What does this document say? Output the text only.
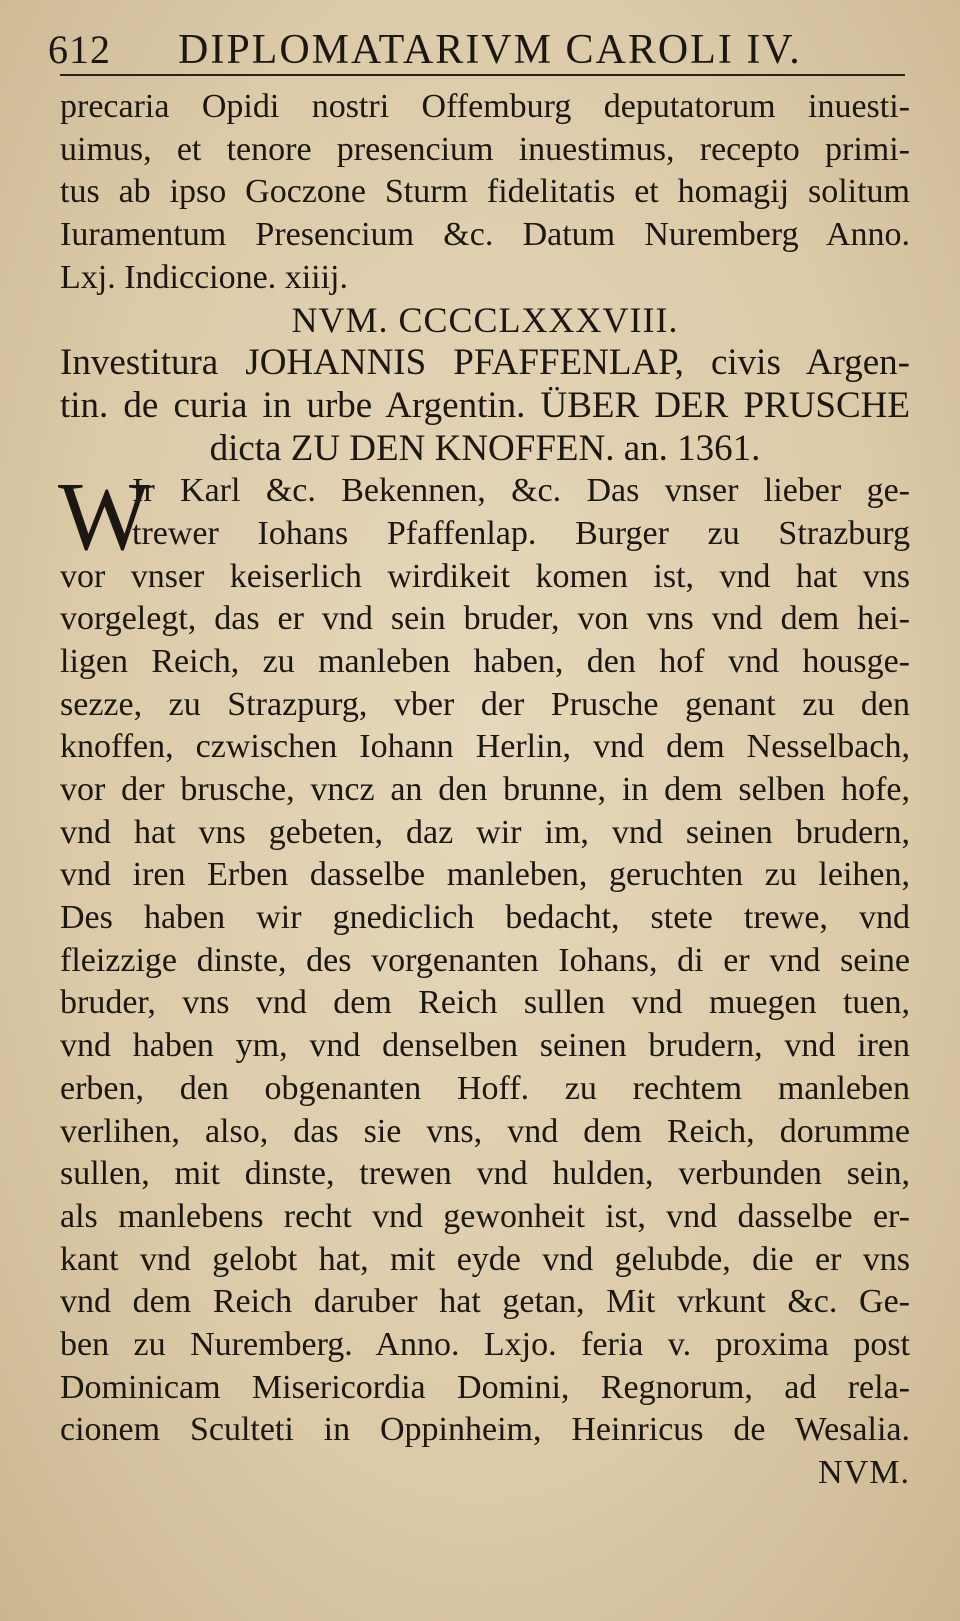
612 DIPLOMATARIVM CAROLI IV.
precaria Opidi nostri Offemburg deputatorum inuesti-
uimus, et tenore presencium inuestimus, recepto primi-
tus ab ipso Goczone Sturm fidelitatis et homagij solitum
Iuramentum Presencium &c. Datum Nuremberg Anno.
Lxj. Indiccione. xiiij.
NVM. CCCCLXXXVIII.
Investitura JOHANNIS PFAFFENLAP, civis Argen-
tin. de curia in urbe Argentin. ÜBER DER PRUSCHE
dicta ZU DEN KNOFFEN. an. 1361.
W
Ir Karl &c. Bekennen, &c. Das vnser lieber ge-
trewer Iohans Pfaffenlap. Burger zu Strazburg
vor vnser keiserlich wirdikeit komen ist, vnd hat vns
vorgelegt, das er vnd sein bruder, von vns vnd dem hei-
ligen Reich, zu manleben haben, den hof vnd housge-
sezze, zu Strazpurg, vber der Prusche genant zu den
knoffen, czwischen Iohann Herlin, vnd dem Nesselbach,
vor der brusche, vncz an den brunne, in dem selben hofe,
vnd hat vns gebeten, daz wir im, vnd seinen brudern,
vnd iren Erben dasselbe manleben, geruchten zu leihen,
Des haben wir gnediclich bedacht, stete trewe, vnd
fleizzige dinste, des vorgenanten Iohans, di er vnd seine
bruder, vns vnd dem Reich sullen vnd muegen tuen,
vnd haben ym, vnd denselben seinen brudern, vnd iren
erben, den obgenanten Hoff. zu rechtem manleben
verlihen, also, das sie vns, vnd dem Reich, dorumme
sullen, mit dinste, trewen vnd hulden, verbunden sein,
als manlebens recht vnd gewonheit ist, vnd dasselbe er-
kant vnd gelobt hat, mit eyde vnd gelubde, die er vns
vnd dem Reich daruber hat getan, Mit vrkunt &c. Ge-
ben zu Nuremberg. Anno. Lxjo. feria v. proxima post
Dominicam Misericordia Domini, Regnorum, ad rela-
cionem Sculteti in Oppinheim, Heinricus de Wesalia.
NVM.
